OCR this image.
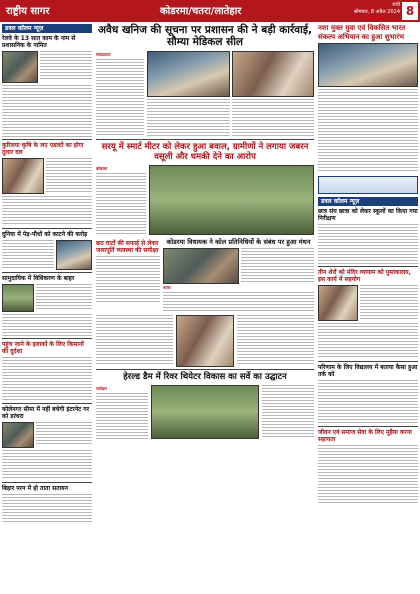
राष्ट्रीय सागर	कोडरमा/चतरा/लातेहार
रांची
सोमवार, 8 अप्रैल 2024 8
डवल कॉलम न्यूज़
रेलवे के 13 सात काम के नाम से प्रशासनिक के नामित
कुरिलया कृषि के लए एडल्टों का होगा दुलार दल
दुनिया में पेड़-पौधों को काटने की करोड़
सामुदायिक में विधिकरण के बाहर
पहुंच जाने के इलाकों के लिए किसानों की दुर्दशा
कोलेनगर सीमा में नहीं बचेगी इंटरनेट गर को डरंधरा
बिहार परन में हो ताता सतायन
अवैध खनिज की सूचना पर प्रशासन की ने बड़ी कार्रवाई, सौम्या मेडिकल सील
संवाददाता
सरयू में स्मार्ट मीटर को लेकर हुआ बवाल, ग्रामीणों ने लगाया जबरन वसूली और धमकी देने का आरोप
कोडरमा
छठ घाटों की सफाई से लेकर जलापूर्ति व्यवस्था की समीक्षा
कोडरमा विधायक ने कोल प्रतिनिधियों के संबंध पर हुआ मंथन
चतरा
हेरल्ड डैम में रिवर थियेटर विकास का सर्वे का उद्घाटन
लातेहार
नशा मुक्त युवा एवं विकसित भारत संकल्प अभियान का हुआ शुभारंभ
डवल कॉलम न्यूज़
छात्र संघ छात्रा को लेकर स्कूलों का किया गया निरीक्षण
तीन शेरों को मंदिर व्यायाम को पुस्तकालय, इस कार्य में सहयोग
परिणाम के लिए विद्यालय में बताया कैसा हुआ तर्क को
जीवन एवं समाज सेवा के लिए मुहैया करना सहायता
